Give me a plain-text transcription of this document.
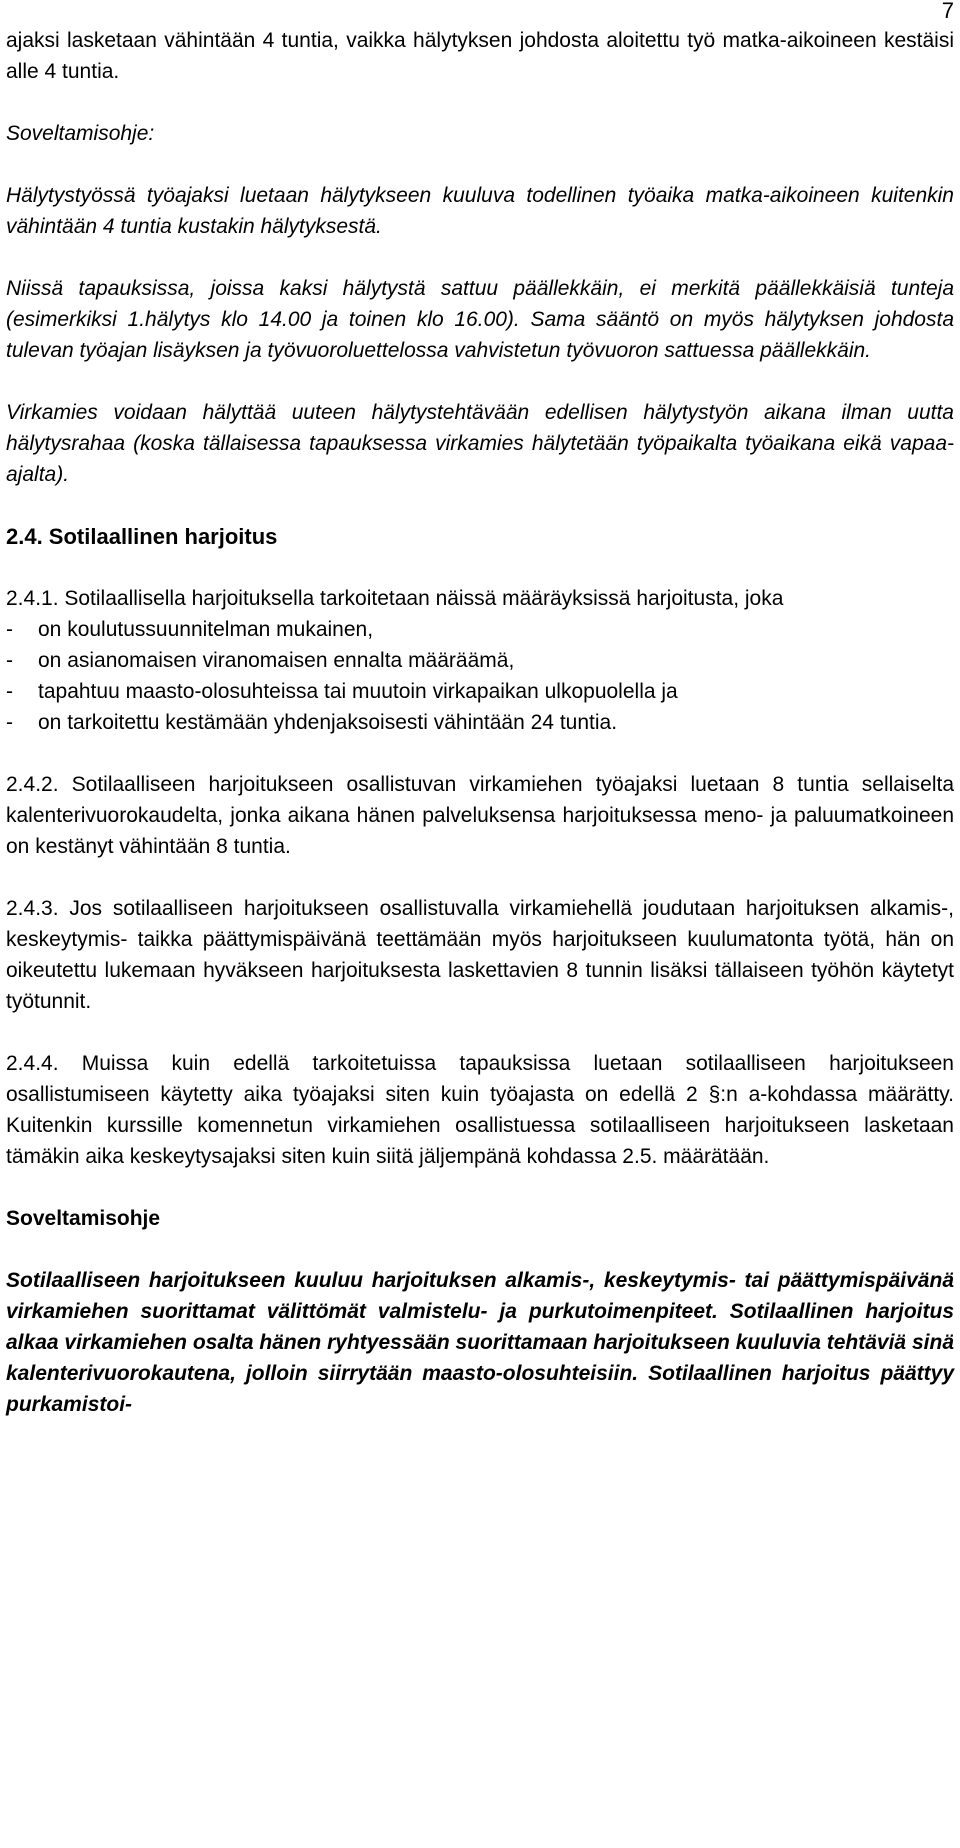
7

ajaksi lasketaan vähintään 4 tuntia, vaikka hälytyksen johdosta aloitettu työ matka-aikoineen kestäisi alle 4 tuntia.

Soveltamisohje:

Hälytystyössä työajaksi luetaan hälytykseen kuuluva todellinen työaika matka-aikoineen kuitenkin vähintään 4 tuntia kustakin hälytyksestä.

Niissä tapauksissa, joissa kaksi hälytystä sattuu päällekkäin, ei merkitä päällekkäisiä tunteja (esimerkiksi 1.hälytys klo 14.00 ja toinen klo 16.00). Sama sääntö on myös hälytyksen johdosta tulevan työajan lisäyksen ja työvuoroluettelossa vahvistetun työvuoron sattuessa päällekkäin.

Virkamies voidaan hälyttää uuteen hälytystehtävään edellisen hälytystyön aikana ilman uutta hälytysrahaa (koska tällaisessa tapauksessa virkamies hälytetään työpaikalta työaikana eikä vapaa-ajalta).

2.4. Sotilaallinen harjoitus

2.4.1. Sotilaallisella harjoituksella tarkoitetaan näissä määräyksissä harjoitusta, joka

- on koulutussuunnitelman mukainen,
- on asianomaisen viranomaisen ennalta määräämä,
- tapahtuu maasto-olosuhteissa tai muutoin virkapaikan ulkopuolella ja
- on tarkoitettu kestämään yhdenjaksoisesti vähintään 24 tuntia.

2.4.2. Sotilaalliseen harjoitukseen osallistuvan virkamiehen työajaksi luetaan 8 tuntia sellaiselta kalenterivuorokaudelta, jonka aikana hänen palveluksensa harjoituksessa meno- ja paluumatkoineen on kestänyt vähintään 8 tuntia.

2.4.3. Jos sotilaalliseen harjoitukseen osallistuvalla virkamiehellä joudutaan harjoituksen alkamis-, keskeytymis- taikka päättymispäivänä teettämään myös harjoitukseen kuulumatonta työtä, hän on oikeutettu lukemaan hyväkseen harjoituksesta laskettavien 8 tunnin lisäksi tällaiseen työhön käytetyt työtunnit.

2.4.4. Muissa kuin edellä tarkoitetuissa tapauksissa luetaan sotilaalliseen harjoitukseen osallistumiseen käytetty aika työajaksi siten kuin työajasta on edellä 2 §:n a-kohdassa määrätty. Kuitenkin kurssille komennetun virkamiehen osallistuessa sotilaalliseen harjoitukseen lasketaan tämäkin aika keskeytysajaksi siten kuin siitä jäljempänä kohdassa 2.5. määrätään.

Soveltamisohje

Sotilaalliseen harjoitukseen kuuluu harjoituksen alkamis-, keskeytymis- tai päättymispäivänä virkamiehen suorittamat välittömät valmistelu- ja purkutoimenpiteet. Sotilaallinen harjoitus alkaa virkamiehen osalta hänen ryhtyessään suorittamaan harjoitukseen kuuluvia tehtäviä sinä kalenterivuorokautena, jolloin siirrytään maasto-olosuhteisiin. Sotilaallinen harjoitus päättyy purkamistoi-
